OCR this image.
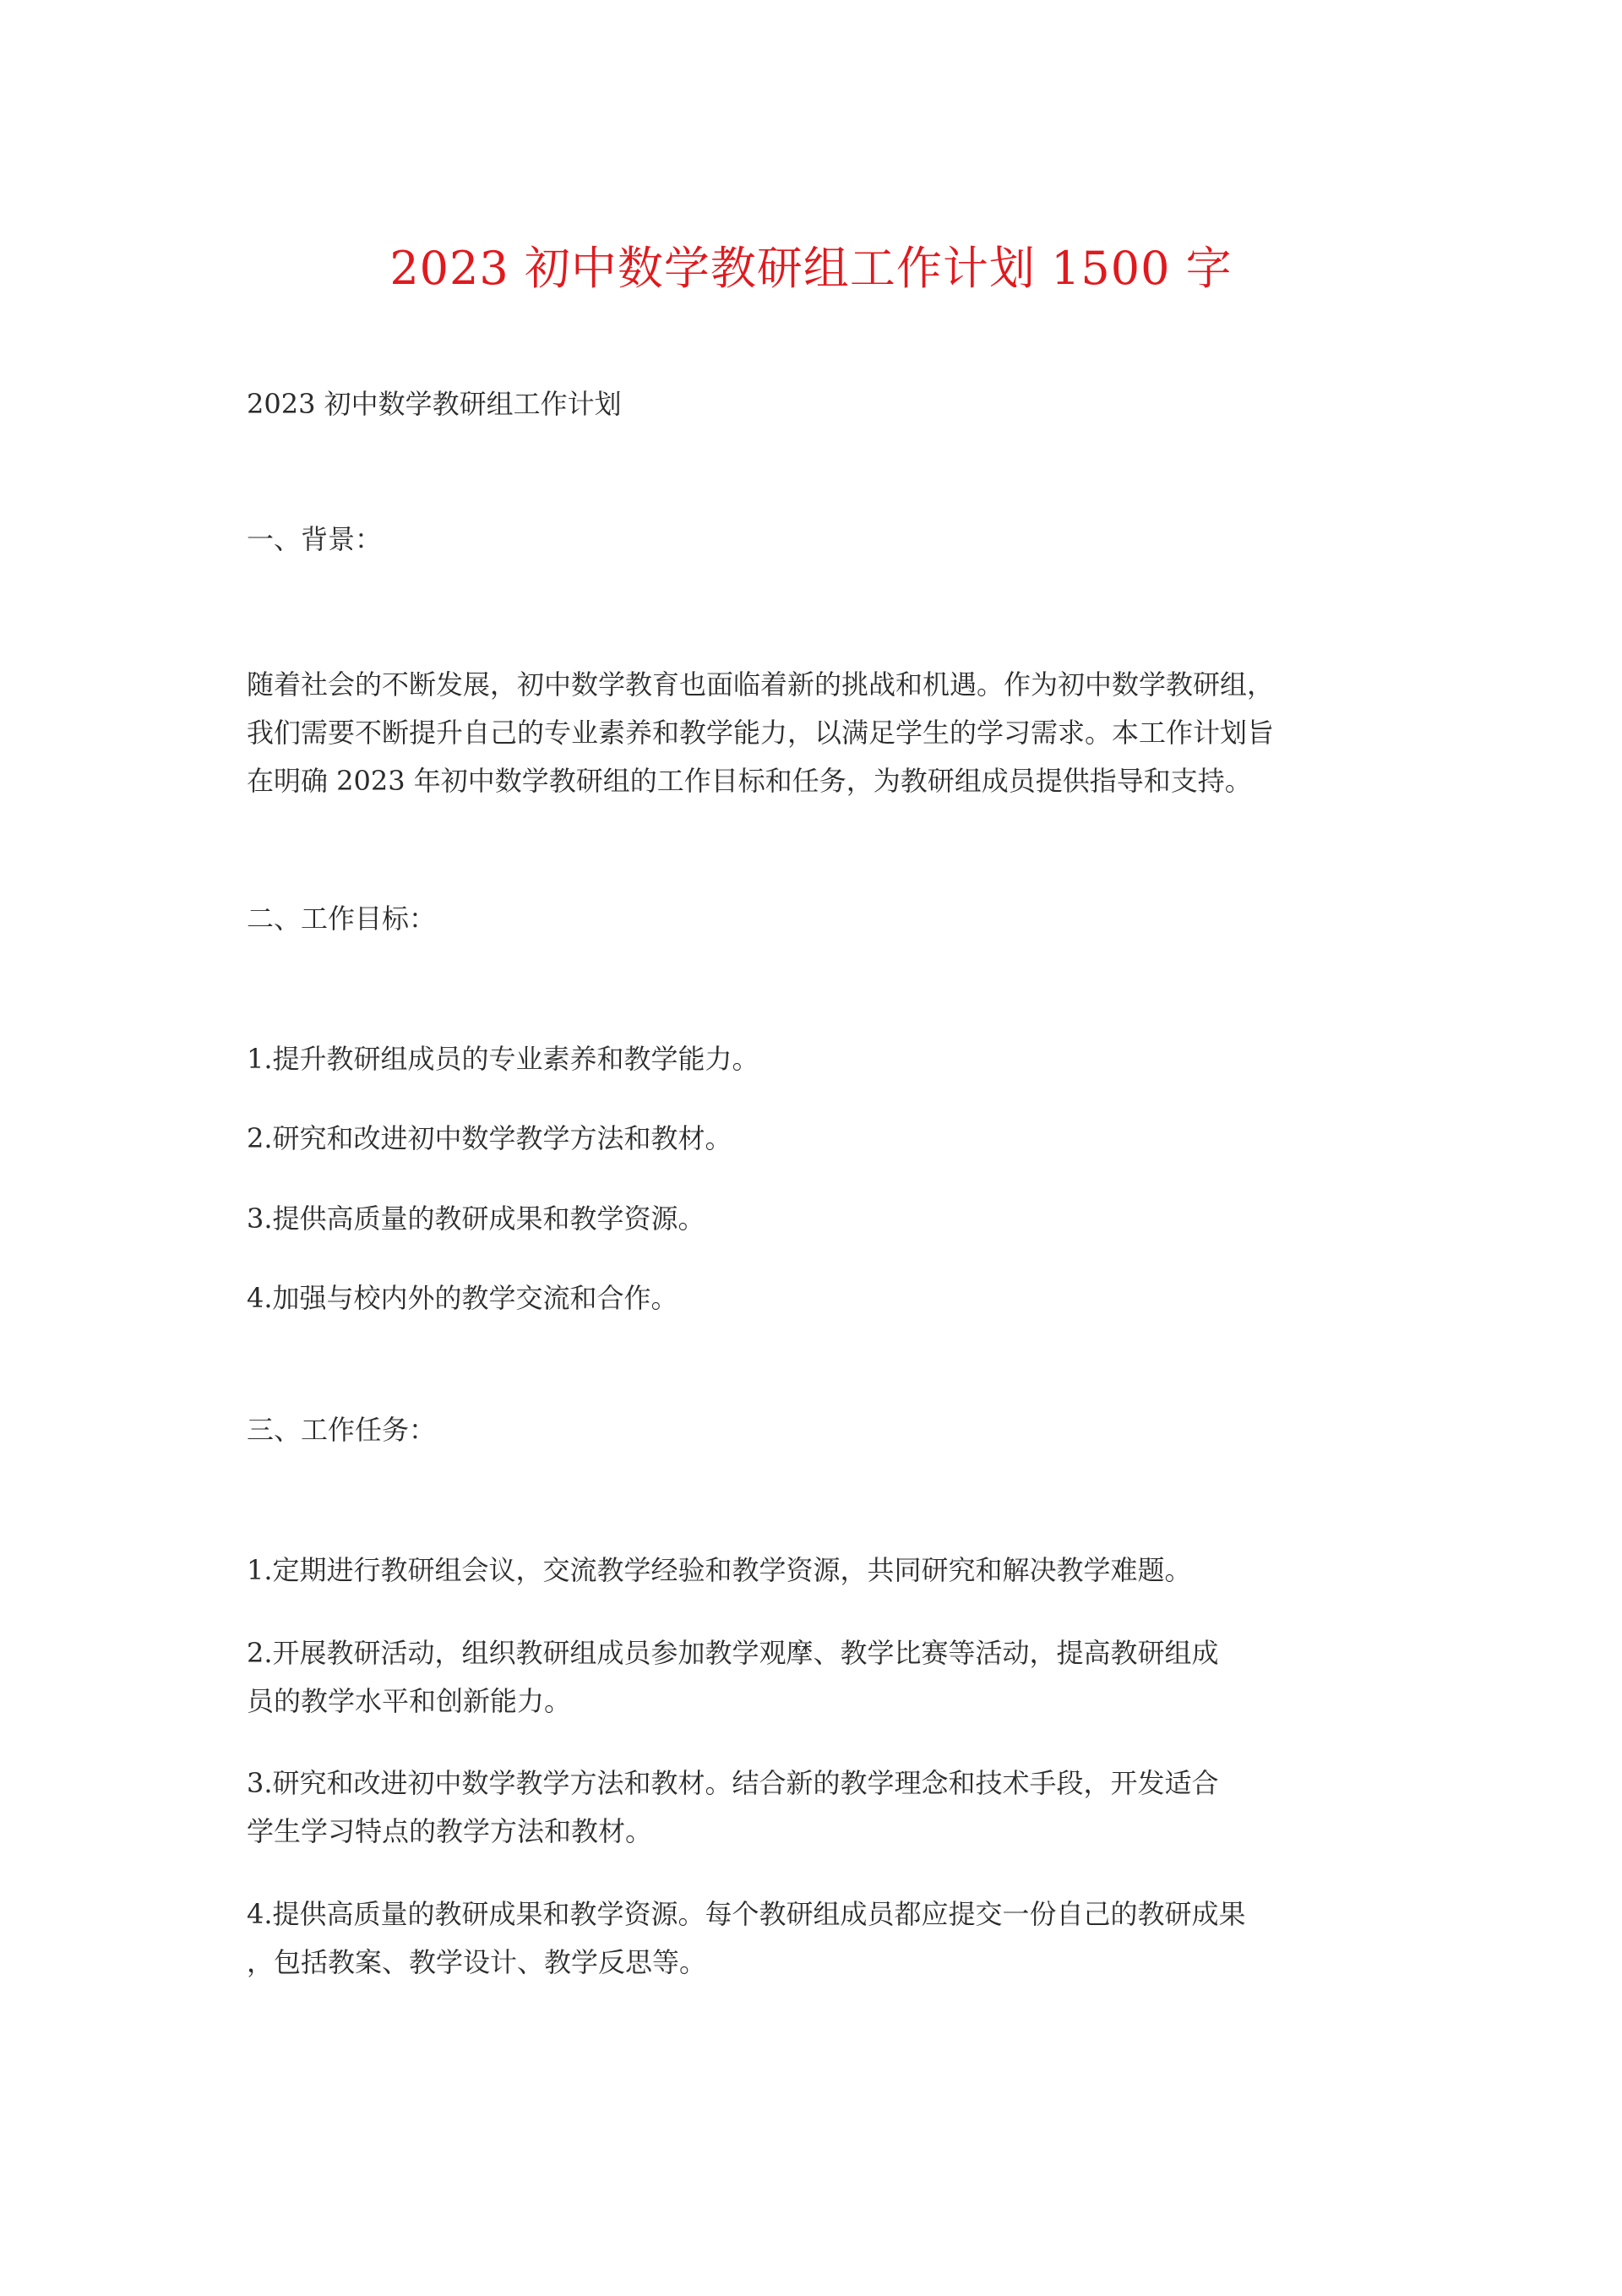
2023 初中数学教研组工作计划 1500 字
2023 初中数学教研组工作计划
一、背景：
随着社会的不断发展，初中数学教育也面临着新的挑战和机遇。作为初中数学教研组，
我们需要不断提升自己的专业素养和教学能力，以满足学生的学习需求。本工作计划旨
在明确 2023 年初中数学教研组的工作目标和任务，为教研组成员提供指导和支持。
二、工作目标：
1.提升教研组成员的专业素养和教学能力。
2.研究和改进初中数学教学方法和教材。
3.提供高质量的教研成果和教学资源。
4.加强与校内外的教学交流和合作。
三、工作任务：
1.定期进行教研组会议，交流教学经验和教学资源，共同研究和解决教学难题。
2.开展教研活动，组织教研组成员参加教学观摩、教学比赛等活动，提高教研组成
员的教学水平和创新能力。
3.研究和改进初中数学教学方法和教材。结合新的教学理念和技术手段，开发适合
学生学习特点的教学方法和教材。
4.提供高质量的教研成果和教学资源。每个教研组成员都应提交一份自己的教研成果
，包括教案、教学设计、教学反思等。
